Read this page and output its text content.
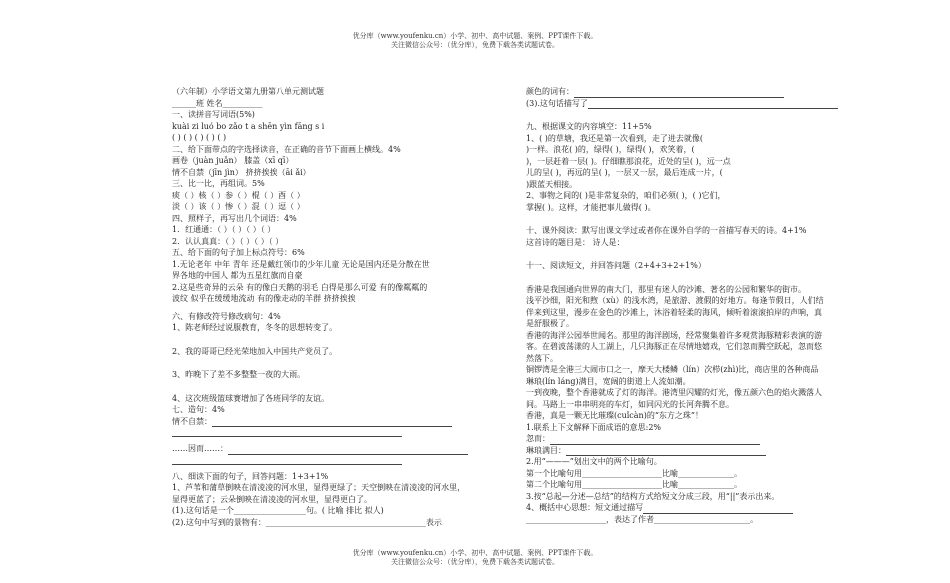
优分库（www.youfenku.cn）小学、初中、高中试题、案例、PPT课件下载。
关注微信公众号：（优分库），免费下载各类试题试卷。
（六年制）小学语文第九册第八单元测试题
______班 姓名__________
一、读拼音写词语(5%)
kuài zi luó bo zǎo t a shēn yìn fāng s i
( ) ( ) ( ) ( ) ( )
二、给下面带点的字选择读音，在正确的音节下面画上横线。4%
画卷（juàn juǎn） 膝盖（xī qī）
情不自禁（jīn jìn） 挤挤挨挨（āi ǎi）
三、比一比，再组词。5%
痰（ ）核（ ）参（ ）棍（ ）酉（ ）
淡（ ）该（ ）惨（ ）混（ ）逗（ ）
四、照样子，再写出几个词语：4%
1．红通通：（ ）（ ）（ ）（ ）
2．认认真真：（ ）（ ）（ ）（ ）
五、给下面的句子加上标点符号：6%
1.无论老年 中年 青年 还是戴红领巾的少年儿童 无论是国内还是分散在世
界各地的中国人 都为五星红旗而自豪
2.这是些奇异的云朵 有的像白天鹅的羽毛 白得是那么可爱 有的像粼粼的
波纹 似乎在缓缓地流动 有的像走动的羊群 挤挤挨挨
六、有修改符号修改病句：4%
1、陈老师经过说服教育，冬冬的思想转变了。
2、我的哥哥已经光荣地加入中国共产党员了。
3、昨晚下了差不多整整一夜的大雨。
4、这次班级篮球赛增加了各班同学的友谊。
七、造句：4%
情不自禁：
……因而……：
八、细读下面的句子，回答问题：1+3+1%
1、芦苇和蒲草倒映在清凌凌的河水里，显得更绿了；天空倒映在清凌凌的河水里，
显得更蓝了；云朵倒映在清凌凌的河水里，显得更白了。
(1).这句话是一个__________________句。( 比喻 排比 拟人)
(2).这句中写到的景物有：________________________________________表示
颜色的词有：
(3).这句话描写了
九、根据课文的内容填空：11+5%
1、( )的草塘，我还是第一次看到，走了进去就像(
)一样。浪花( )的，绿得( )，绿得( )，欢笑着，(
)，一层赶着一层( )。仔细瞧那浪花，近处的呈( )，远一点
儿的呈( )，再远的呈( )，一层又一层，最后连成一片，(
)跟蓝天相接。
2、事物之间的( )是非常复杂的，咱们必须( )，( )它们，
掌握( )。这样，才能把事儿做得( )。
十、课外阅读：默写出课文学过或者你在课外自学的一首描写春天的诗。4+1%
这首诗的题目是： 诗人是：
十一、阅读短文，并回答问题（2+4+3+2+1%）
香港是我国通向世界的南大门，那里有迷人的沙滩、著名的公园和繁华的街市。
浅平沙细，阳光和煦（xù）的浅水湾，是旅游、渡假的好地方。每逢节假日，人们结
伴来到这里，漫步在金色的沙滩上，沐浴着轻柔的海风，倾听着滚滚拍岸的声响，真
是舒服极了。
香港的海洋公园举世闻名。那里的海洋剧场，经常聚集着许多观赏海豚精彩表演的游
客。在碧波荡漾的人工湖上，几只海豚正在尽情地嬉戏，它们忽而腾空跃起，忽而悠
然落下。
铜锣湾是全港三大闹市口之一，摩天大楼鳞（lín）次栉(zhì)比，商店里的各种商品
琳琅(lín láng)满目，宽阔的街道上人流如潮。
一到夜晚，整个香港就成了灯的海洋。港湾里闪耀的灯光，像五颜六色的焰火溅落人
间。马路上一串串明亮的车灯，如同闪光的长河奔腾不息。
香港，真是一颗无比璀璨(cuǐcàn)的“东方之珠”！
1.联系上下文解释下面成语的意思:2%
忽而：
琳琅满目：
2.用“———”划出文中的两个比喻句。
第一个比喻句用____________________比喻______________。
第二个比喻句用____________________比喻______________。
3.按“总起—分述—总结”的结构方式给短文分成三段，用“||”表示出来。
4、概括中心思想：短文通过描写
____________________，表达了作者________________________。
优分库（www.youfenku.cn）小学、初中、高中试题、案例、PPT课件下载。
关注微信公众号：（优分库），免费下载各类试题试卷。
